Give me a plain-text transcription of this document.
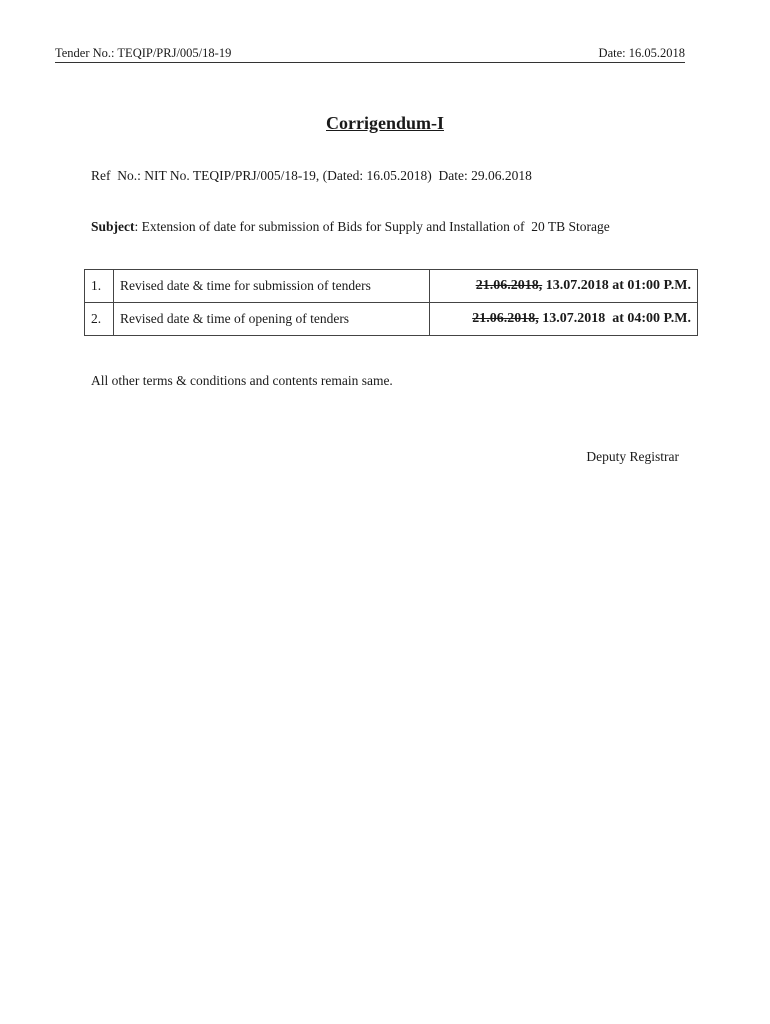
Tender No.: TEQIP/PRJ/005/18-19	Date: 16.05.2018
Corrigendum-I
Ref  No.: NIT No. TEQIP/PRJ/005/18-19, (Dated: 16.05.2018)  Date: 29.06.2018
Subject: Extension of date for submission of Bids for Supply and Installation of  20 TB Storage
1.	Revised date & time for submission of tenders	21.06.2018, 13.07.2018 at 01:00 P.M.
2.	Revised date & time of opening of tenders	21.06.2018, 13.07.2018  at 04:00 P.M.
All other terms & conditions and contents remain same.
Deputy Registrar
